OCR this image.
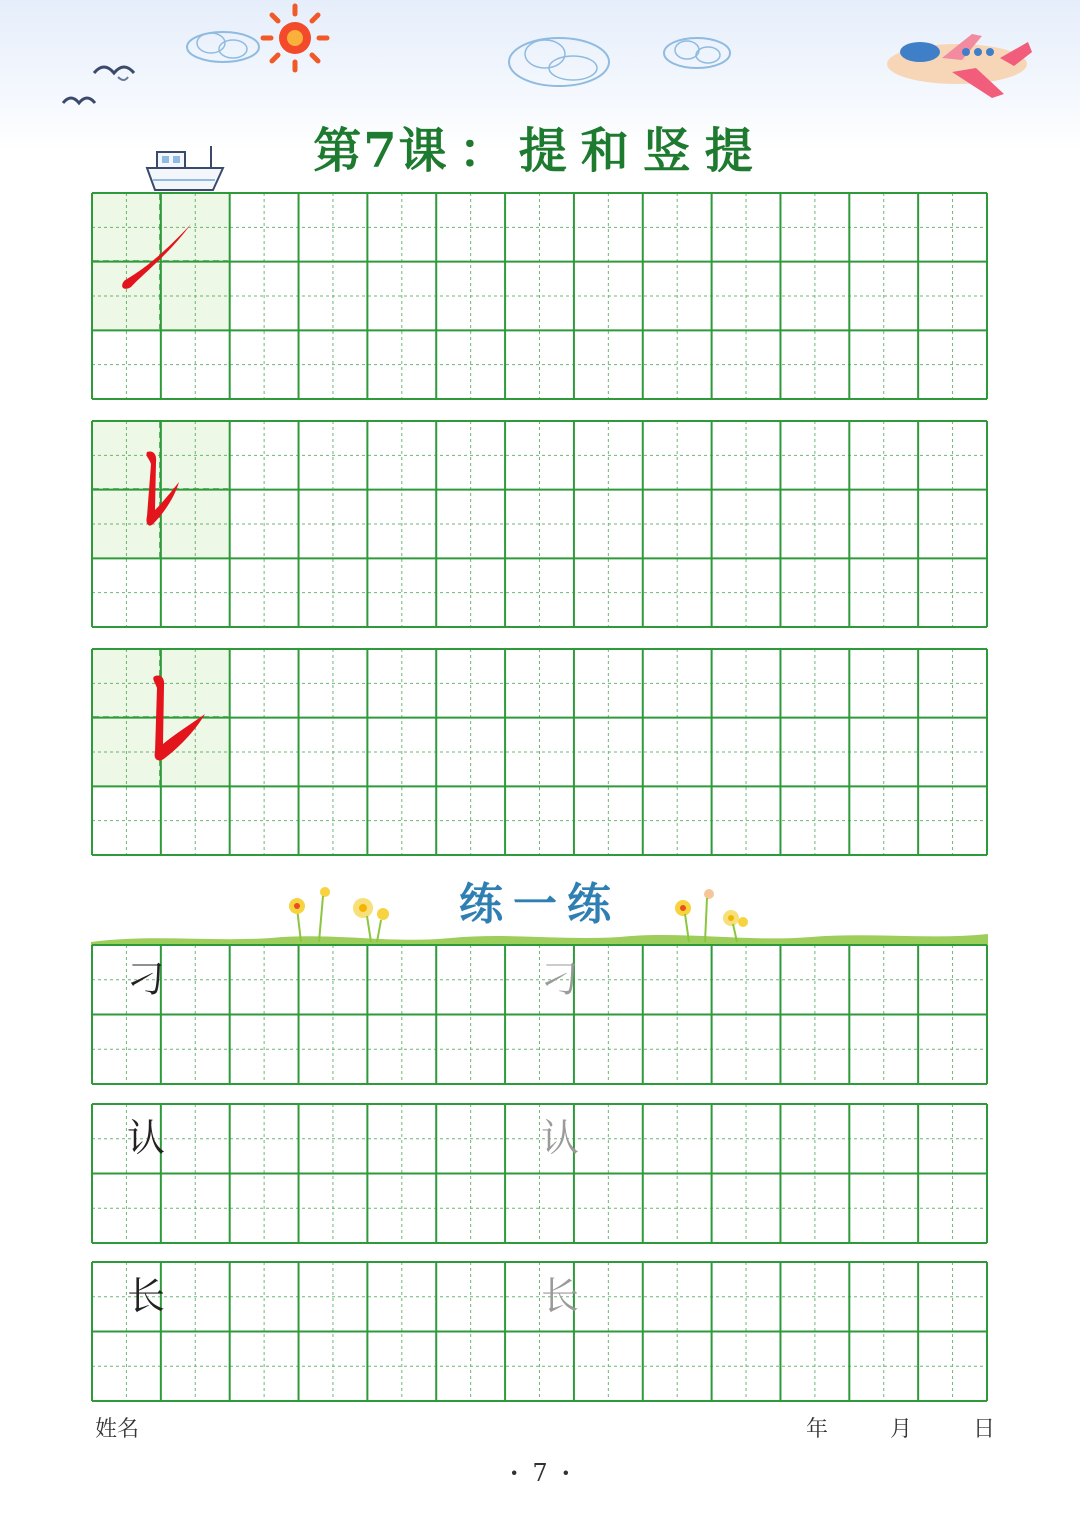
第7课 ： 提和竖提
提
练一练
刁	刁
认	认
长	长
姓名	年	月	日
· 7 ·
